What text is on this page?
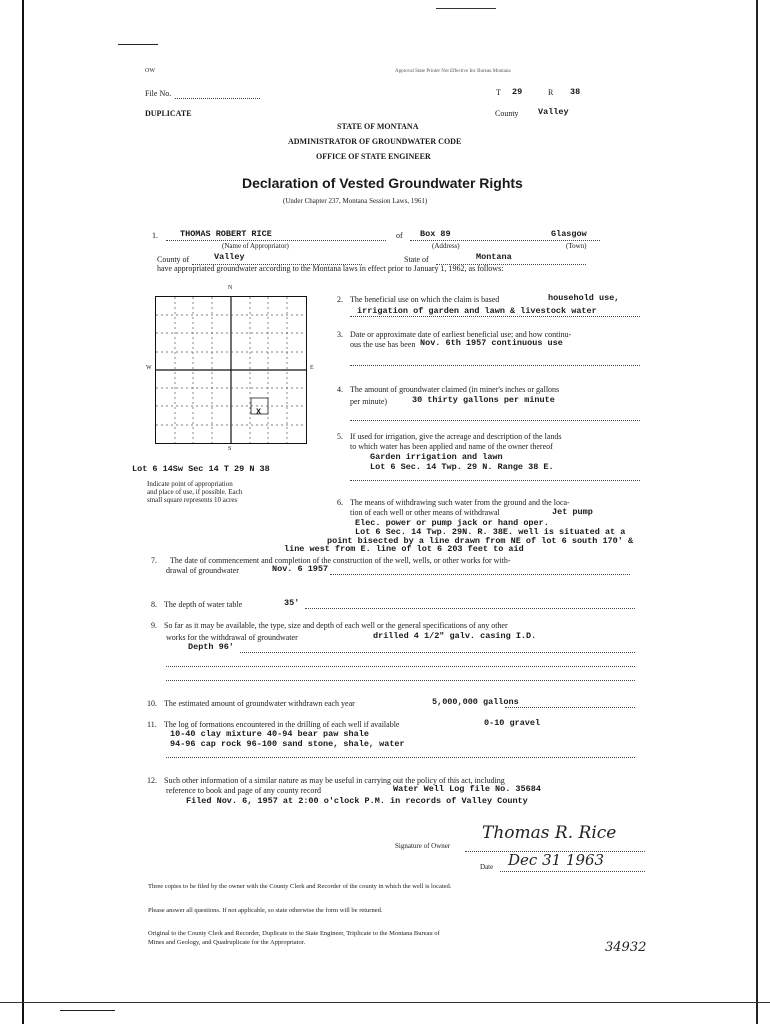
OW	Approval State Printer Not Effective Inc Bureau Montana
File No.	T 29	R 38
DUPLICATE	County Valley
STATE OF MONTANA
ADMINISTRATOR OF GROUNDWATER CODE
OFFICE OF STATE ENGINEER
Declaration of Vested Groundwater Rights
(Under Chapter 237, Montana Session Laws, 1961)
1.	THOMAS ROBERT RICE	of Box 89	Glasgow
(Name of Appropriator)	(Address)	(Town)
County of	Valley	State of	Montana
have appropriated groundwater according to the Montana laws in effect prior to January 1, 1962, as follows:
N
W	E
S
X
Lot 6 14Sw Sec 14 T 29 N 38
Indicate point of appropriation
and place of use, if possible. Each
small square represents 10 acres
2. The beneficial use on which the claim is based	household use,
irrigation of garden and lawn & livestock water
3. Date or approximate date of earliest beneficial use; and how continu-
ous the use has been Nov. 6th 1957 continuous use
4. The amount of groundwater claimed (in miner's inches or gallons
per minute)	30 thirty gallons per minute
5. If used for irrigation, give the acreage and description of the lands
to which water has been applied and name of the owner thereof
Garden irrigation and lawn
Lot 6 Sec. 14 Twp. 29 N. Range 38 E.
6. The means of withdrawing such water from the ground and the loca-
tion of each well or other means of withdrawal	Jet pump
Elec. power or pump jack or hand oper.
Lot 6 Sec. 14 Twp. 29N. R. 38E. well is situated at a
point bisected by a line drawn from NE of lot 6 south 170' &
line west from E. line of lot 6 203 feet to aid
7. The date of commencement and completion of the construction of the well, wells, or other works for with-
drawal of groundwater	Nov. 6 1957
8. The depth of water table	35'
9. So far as it may be available, the type, size and depth of each well or the general specifications of any other
works for the withdrawal of groundwater	drilled 4 1/2" galv. casing I.D.
Depth 96'
10. The estimated amount of groundwater withdrawn each year	5,000,000 gallons
11. The log of formations encountered in the drilling of each well if available	0-10 gravel
10-40 clay mixture 40-94 bear paw shale
94-96 cap rock 96-100 sand stone, shale, water
12. Such other information of a similar nature as may be useful in carrying out the policy of this act, including
reference to book and page of any county record	Water Well Log file No. 35684
Filed Nov. 6, 1957 at 2:00 o'clock P.M. in records of Valley County
Signature of Owner
Thomas R. Rice
Date Dec 31 1963
Three copies to be filed by the owner with the County Clerk and Recorder of the county in which the well is located.
Please answer all questions. If not applicable, so state otherwise the form will be returned.
Original to the County Clerk and Recorder, Duplicate to the State Engineer, Triplicate to the Montana Bureau of
Mines and Geology, and Quadruplicate for the Appropriator.	34932
